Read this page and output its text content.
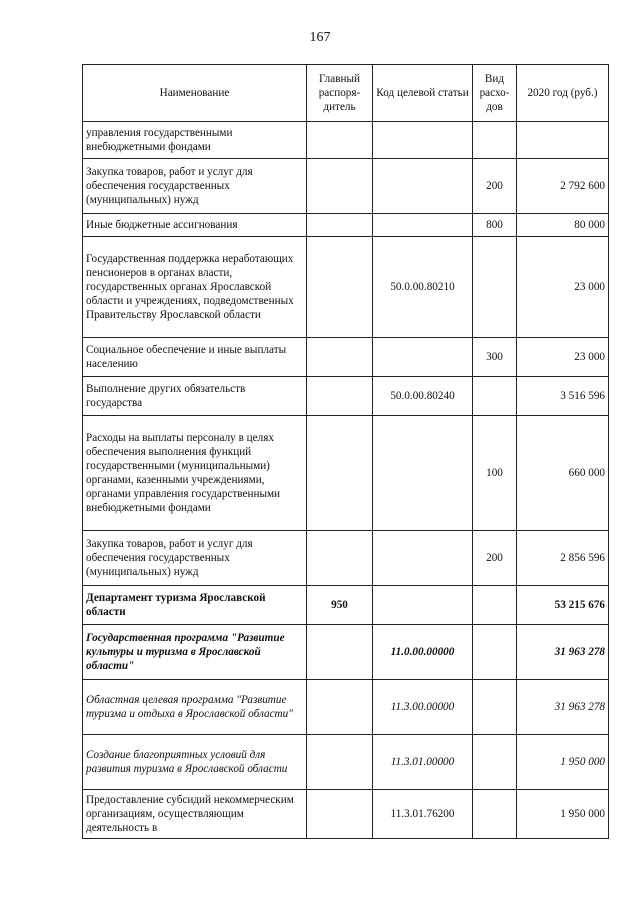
167
Наименование	Главный распоря-дитель	Код целевой статьи	Вид расхо-дов	2020 год (руб.)
управления государственными внебюджетными фондами				
Закупка товаров, работ и услуг для обеспечения государственных (муниципальных) нужд			200	2 792 600
Иные бюджетные ассигнования			800	80 000
Государственная поддержка неработающих пенсионеров в органах власти, государственных органах Ярославской области и учреждениях, подведомственных Правительству Ярославской области		50.0.00.80210		23 000
Социальное обеспечение и иные выплаты населению			300	23 000
Выполнение других обязательств государства		50.0.00.80240		3 516 596
Расходы на выплаты персоналу в целях обеспечения выполнения функций государственными (муниципальными) органами, казенными учреждениями, органами управления государственными внебюджетными фондами			100	660 000
Закупка товаров, работ и услуг для обеспечения государственных (муниципальных) нужд			200	2 856 596
Департамент туризма Ярославской области	950			53 215 676
Государственная программа "Развитие культуры и туризма в Ярославской области"		11.0.00.00000		31 963 278
Областная целевая программа "Развитие туризма и отдыха в Ярославской области"		11.3.00.00000		31 963 278
Создание благоприятных условий для развития туризма в Ярославской области		11.3.01.00000		1 950 000
Предоставление субсидий некоммерческим организациям, осуществляющим деятельность в		11.3.01.76200		1 950 000
